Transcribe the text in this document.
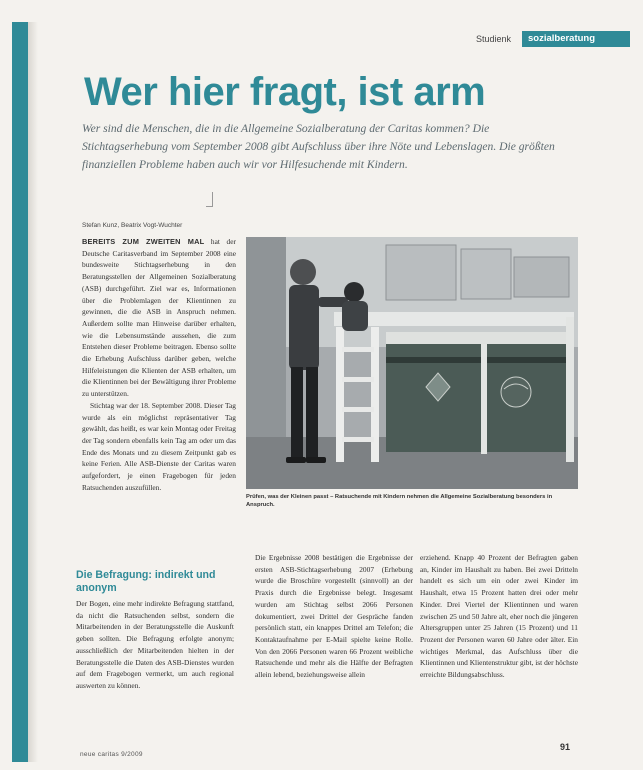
Studienk	sozialberatung
Wer hier fragt, ist arm

Wer sind die Menschen, die in die Allgemeine Sozialberatung der Caritas kommen? Die Stichtagserhebung vom September 2008 gibt Aufschluss über ihre Nöte und Lebenslagen. Die größten finanziellen Probleme haben auch wir vor Hilfesuchende mit Kindern.

Stefan Kunz, Beatrix Vogt-Wuchter

BEREITS ZUM ZWEITEN MAL hat der Deutsche Caritasverband im September 2008 eine bundesweite Stichtagserhebung in den Beratungsstellen der Allgemeinen Sozialberatung (ASB) durchgeführt. Ziel war es, Informationen über die Problemlagen der Klientinnen zu gewinnen, die die ASB in Anspruch nehmen. Außerdem sollte man Hinweise darüber erhalten, wie die Lebensumstände aussehen, die zum Entstehen dieser Probleme beitragen. Ebenso sollte die Erhebung Aufschluss darüber geben, welche Hilfeleistungen die Klienten der ASB erhalten, um die Klientinnen bei der Bewältigung ihrer Probleme zu unterstützen.

Stichtag war der 18. September 2008. Dieser Tag wurde als ein möglichst repräsentativer Tag gewählt, das heißt, es war kein Montag oder Freitag der Tag sondern ebenfalls kein Tag am oder um das Ende des Monats und zu diesem Zeitpunkt gab es keine Ferien. Alle ASB-Dienste der Caritas waren aufgefordert, je einen Fragebogen für jeden Ratsuchenden auszufüllen.

Die Befragung: indirekt und anonym

Der Bogen, eine mehr indirekte Befragung stattfand, da nicht die Ratsuchenden selbst, sondern die Mitarbeitenden in der Beratungsstelle die Auskunft geben sollten. Die Befragung erfolgte anonym; ausschließlich der Mitarbeitenden hielten in der Beratungsstelle die Daten des ASB-Dienstes wurden auf dem Fragebogen vermerkt, um auch regional auswerten zu können.

Prüfen, was der Kleinen passt – Ratsuchende mit Kindern nehmen die Allgemeine Sozialberatung besonders in Anspruch.

Die Ergebnisse 2008 bestätigen die Ergebnisse der ersten ASB-Stichtagserhebung 2007 (Erhebung wurde die Broschüre vorgestellt (sinnvoll) an der Praxis durch die Ergebnisse belegt. Insgesamt wurden am Stichtag selbst 2066 Personen dokumentiert, zwei Drittel der Gespräche fanden persönlich statt, ein knappes Drittel am Telefon; die Kontaktaufnahme per E-Mail spielte keine Rolle. Von den 2066 Personen waren 66 Prozent weibliche Ratsuchende und mehr als die Hälfte der Befragten allein lebend, beziehungsweise allein

erziehend. Knapp 40 Prozent der Befragten gaben an, Kinder im Haushalt zu haben. Bei zwei Dritteln handelt es sich um ein oder zwei Kinder im Haushalt, etwa 15 Prozent hatten drei oder mehr Kinder. Drei Viertel der Klientinnen und waren zwischen 25 und 50 Jahre alt, eher noch die jüngeren Altersgruppen unter 25 Jahren (15 Prozent) und 11 Prozent der Personen waren 60 Jahre oder älter. Ein wichtiges Merkmal, das Aufschluss über die Klientinnen und Klientenstruktur gibt, ist der höchste erreichte Bildungsabschluss.

neue caritas 9/2009
91
